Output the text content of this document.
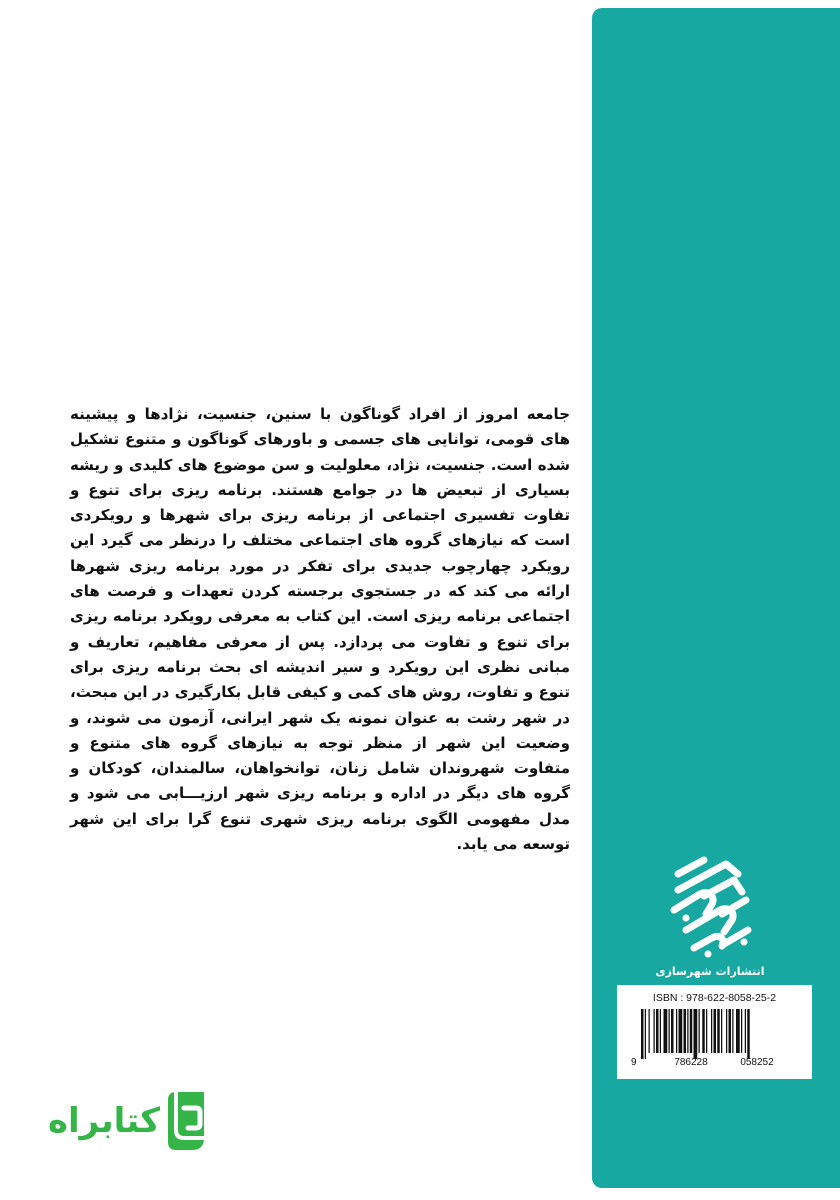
جامعه امروز از افراد گوناگون با سنین، جنسیت، نژادها و پیشینه های قومی، توانایی های جسمی و باورهای گوناگون و متنوع تشکیل شده است. جنسیت، نژاد، معلولیت و سن موضوع های کلیدی و ریشه بسیاری از تبعیض ها در جوامع هستند. برنامه ریزی برای تنوع و تفاوت تفسیری اجتماعی از برنامه ریزی برای شهرها و رویکردی است که نیازهای گروه های اجتماعی مختلف را درنظر می گیرد این رویکرد چهارچوب جدیدی برای تفکر در مورد برنامه ریزی شهرها ارائه می کند که در جستجوی برجسته کردن تعهدات و فرصت های اجتماعی برنامه ریزی است. این کتاب به معرفی رویکرد برنامه ریزی برای تنوع و تفاوت می پردازد. پس از معرفی مفاهیم، تعاریف و مبانی نظری این رویکرد و سیر اندیشه ای بحث برنامه ریزی برای تنوع و تفاوت، روش های کمی و کیفی قابل بکارگیری در این مبحث، در شهر رشت به عنوان نمونه یک شهر ایرانی، آزمون می شوند، و وضعیت این شهر از منظر توجه به نیازهای گروه های متنوع و متفاوت شهروندان شامل زنان، توانخواهان، سالمندان، کودکان و گروه های دیگر در اداره و برنامه ریزی شهر ارزیـــابی می شود و مدل مفهومی الگوی برنامه ریزی شهری تنوع گرا برای این شهر توسعه می یابد.
انتشارات شهرسازی
ISBN : 978-622-8058-25-2
9	786228	058252
کتابراه
